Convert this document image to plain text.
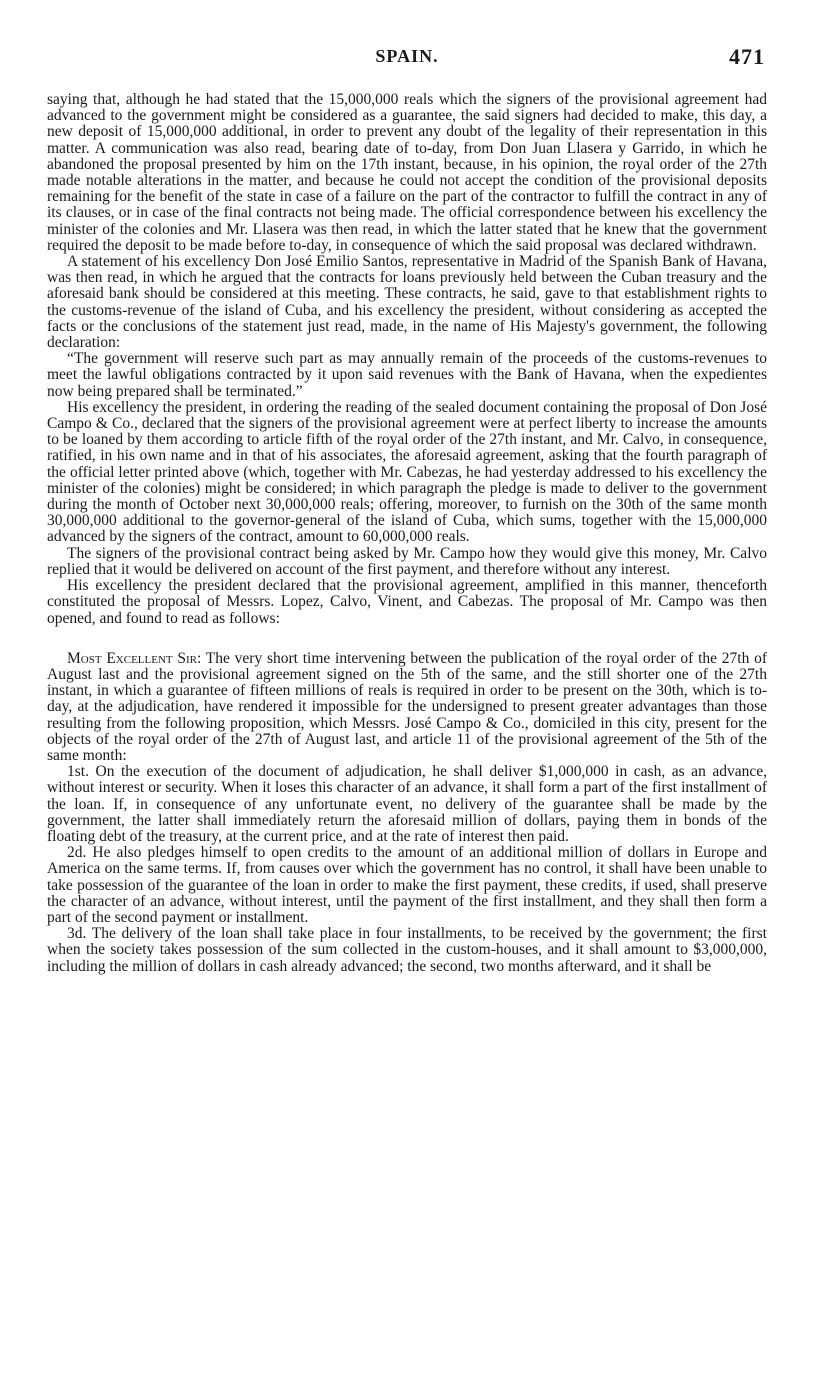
SPAIN.	471

saying that, although he had stated that the 15,000,000 reals which the signers of the provisional agreement had advanced to the government might be considered as a guarantee, the said signers had decided to make, this day, a new deposit of 15,000,000 additional, in order to prevent any doubt of the legality of their representation in this matter. A communication was also read, bearing date of to-day, from Don Juan Llasera y Garrido, in which he abandoned the proposal presented by him on the 17th instant, because, in his opinion, the royal order of the 27th made notable alterations in the matter, and because he could not accept the condition of the provisional deposits remaining for the benefit of the state in case of a failure on the part of the contractor to fulfill the contract in any of its clauses, or in case of the final contracts not being made. The official correspondence between his excellency the minister of the colonies and Mr. Llasera was then read, in which the latter stated that he knew that the government required the deposit to be made before to-day, in consequence of which the said proposal was declared withdrawn.

A statement of his excellency Don José Emilio Santos, representative in Madrid of the Spanish Bank of Havana, was then read, in which he argued that the contracts for loans previously held between the Cuban treasury and the aforesaid bank should be considered at this meeting. These contracts, he said, gave to that establishment rights to the customs-revenue of the island of Cuba, and his excellency the president, without considering as accepted the facts or the conclusions of the statement just read, made, in the name of His Majesty's government, the following declaration:

“The government will reserve such part as may annually remain of the proceeds of the customs-revenues to meet the lawful obligations contracted by it upon said revenues with the Bank of Havana, when the expedientes now being prepared shall be terminated.”

His excellency the president, in ordering the reading of the sealed document containing the proposal of Don José Campo & Co., declared that the signers of the provisional agreement were at perfect liberty to increase the amounts to be loaned by them according to article fifth of the royal order of the 27th instant, and Mr. Calvo, in consequence, ratified, in his own name and in that of his associates, the aforesaid agreement, asking that the fourth paragraph of the official letter printed above (which, together with Mr. Cabezas, he had yesterday addressed to his excellency the minister of the colonies) might be considered; in which paragraph the pledge is made to deliver to the government during the month of October next 30,000,000 reals; offering, moreover, to furnish on the 30th of the same month 30,000,000 additional to the governor-general of the island of Cuba, which sums, together with the 15,000,000 advanced by the signers of the contract, amount to 60,000,000 reals.

The signers of the provisional contract being asked by Mr. Campo how they would give this money, Mr. Calvo replied that it would be delivered on account of the first payment, and therefore without any interest.

His excellency the president declared that the provisional agreement, amplified in this manner, thenceforth constituted the proposal of Messrs. Lopez, Calvo, Vinent, and Cabezas. The proposal of Mr. Campo was then opened, and found to read as follows:

Most Excellent Sir: The very short time intervening between the publication of the royal order of the 27th of August last and the provisional agreement signed on the 5th of the same, and the still shorter one of the 27th instant, in which a guarantee of fifteen millions of reals is required in order to be present on the 30th, which is to-day, at the adjudication, have rendered it impossible for the undersigned to present greater advantages than those resulting from the following proposition, which Messrs. José Campo & Co., domiciled in this city, present for the objects of the royal order of the 27th of August last, and article 11 of the provisional agreement of the 5th of the same month:

1st. On the execution of the document of adjudication, he shall deliver $1,000,000 in cash, as an advance, without interest or security. When it loses this character of an advance, it shall form a part of the first installment of the loan. If, in consequence of any unfortunate event, no delivery of the guarantee shall be made by the government, the latter shall immediately return the aforesaid million of dollars, paying them in bonds of the floating debt of the treasury, at the current price, and at the rate of interest then paid.

2d. He also pledges himself to open credits to the amount of an additional million of dollars in Europe and America on the same terms. If, from causes over which the government has no control, it shall have been unable to take possession of the guarantee of the loan in order to make the first payment, these credits, if used, shall preserve the character of an advance, without interest, until the payment of the first installment, and they shall then form a part of the second payment or installment.

3d. The delivery of the loan shall take place in four installments, to be received by the government; the first when the society takes possession of the sum collected in the custom-houses, and it shall amount to $3,000,000, including the million of dollars in cash already advanced; the second, two months afterward, and it shall be
